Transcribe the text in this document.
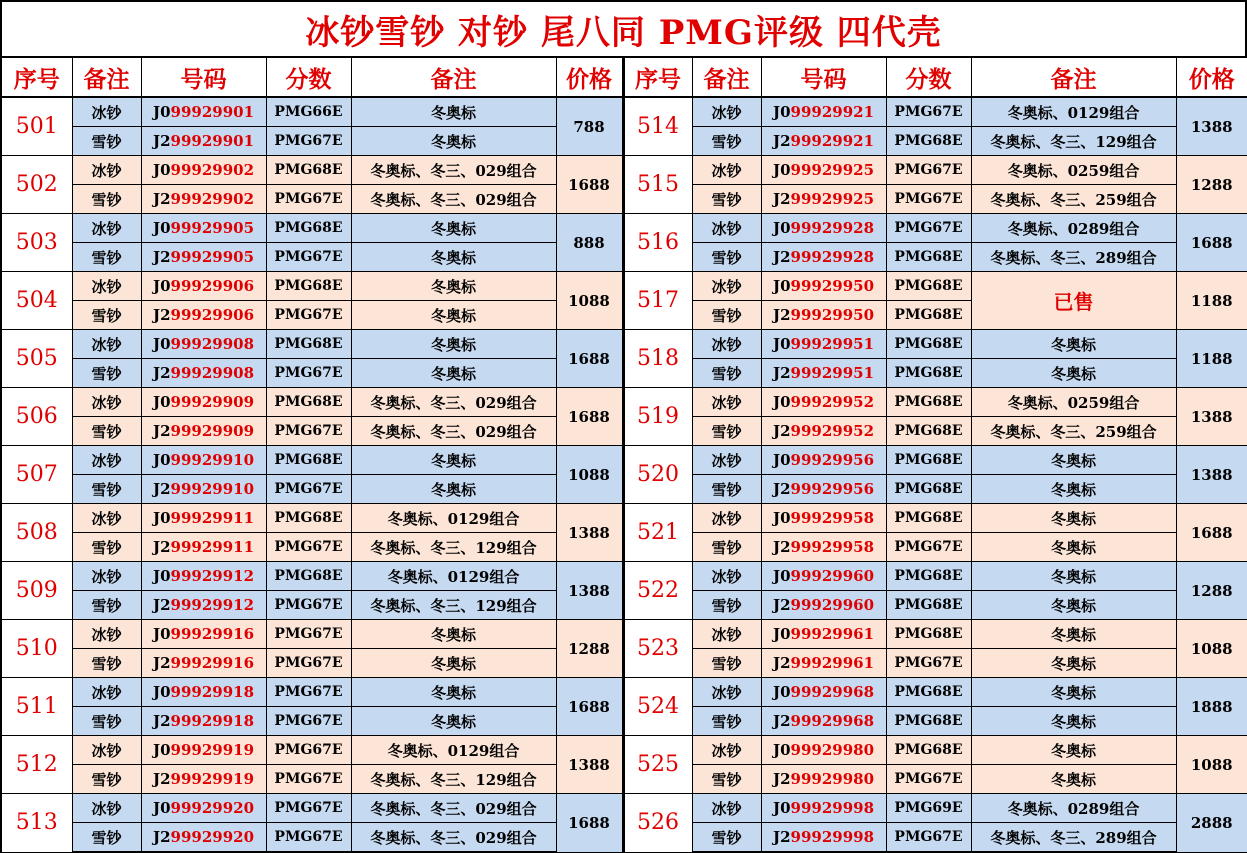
冰钞雪钞 对钞 尾八同 PMG评级 四代壳
序号	备注	号码	分数	备注	价格	序号	备注	号码	分数	备注	价格
501	冰钞	J099929901	PMG66E	冬奥标	788	514	冰钞	J099929921	PMG67E	冬奥标、0129组合	1388
	雪钞	J299929901	PMG67E	冬奥标			雪钞	J299929921	PMG68E	冬奥标、冬三、129组合	
502	冰钞	J099929902	PMG68E	冬奥标、冬三、029组合	1688	515	冰钞	J099929925	PMG67E	冬奥标、0259组合	1288
	雪钞	J299929902	PMG67E	冬奥标、冬三、029组合			雪钞	J299929925	PMG67E	冬奥标、冬三、259组合	
503	冰钞	J099929905	PMG68E	冬奥标	888	516	冰钞	J099929928	PMG67E	冬奥标、0289组合	1688
	雪钞	J299929905	PMG67E	冬奥标			雪钞	J299929928	PMG68E	冬奥标、冬三、289组合	
504	冰钞	J099929906	PMG68E	冬奥标	1088	517	冰钞	J099929950	PMG68E	已售	1188
	雪钞	J299929906	PMG67E	冬奥标			雪钞	J299929950	PMG68E		
505	冰钞	J099929908	PMG68E	冬奥标	1688	518	冰钞	J099929951	PMG68E	冬奥标	1188
	雪钞	J299929908	PMG67E	冬奥标			雪钞	J299929951	PMG68E	冬奥标	
506	冰钞	J099929909	PMG68E	冬奥标、冬三、029组合	1688	519	冰钞	J099929952	PMG68E	冬奥标、0259组合	1388
	雪钞	J299929909	PMG67E	冬奥标、冬三、029组合			雪钞	J299929952	PMG68E	冬奥标、冬三、259组合	
507	冰钞	J099929910	PMG68E	冬奥标	1088	520	冰钞	J099929956	PMG68E	冬奥标	1388
	雪钞	J299929910	PMG67E	冬奥标			雪钞	J299929956	PMG68E	冬奥标	
508	冰钞	J099929911	PMG68E	冬奥标、0129组合	1388	521	冰钞	J099929958	PMG68E	冬奥标	1688
	雪钞	J299929911	PMG67E	冬奥标、冬三、129组合			雪钞	J299929958	PMG67E	冬奥标	
509	冰钞	J099929912	PMG68E	冬奥标、0129组合	1388	522	冰钞	J099929960	PMG68E	冬奥标	1288
	雪钞	J299929912	PMG67E	冬奥标、冬三、129组合			雪钞	J299929960	PMG68E	冬奥标	
510	冰钞	J099929916	PMG67E	冬奥标	1288	523	冰钞	J099929961	PMG68E	冬奥标	1088
	雪钞	J299929916	PMG67E	冬奥标			雪钞	J299929961	PMG67E	冬奥标	
511	冰钞	J099929918	PMG67E	冬奥标	1688	524	冰钞	J099929968	PMG68E	冬奥标	1888
	雪钞	J299929918	PMG67E	冬奥标			雪钞	J299929968	PMG68E	冬奥标	
512	冰钞	J099929919	PMG67E	冬奥标、0129组合	1388	525	冰钞	J099929980	PMG68E	冬奥标	1088
	雪钞	J299929919	PMG67E	冬奥标、冬三、129组合			雪钞	J299929980	PMG67E	冬奥标	
513	冰钞	J099929920	PMG67E	冬奥标、冬三、029组合	1688	526	冰钞	J099929998	PMG69E	冬奥标、0289组合	2888
	雪钞	J299929920	PMG67E	冬奥标、冬三、029组合			雪钞	J299929998	PMG67E	冬奥标、冬三、289组合	
